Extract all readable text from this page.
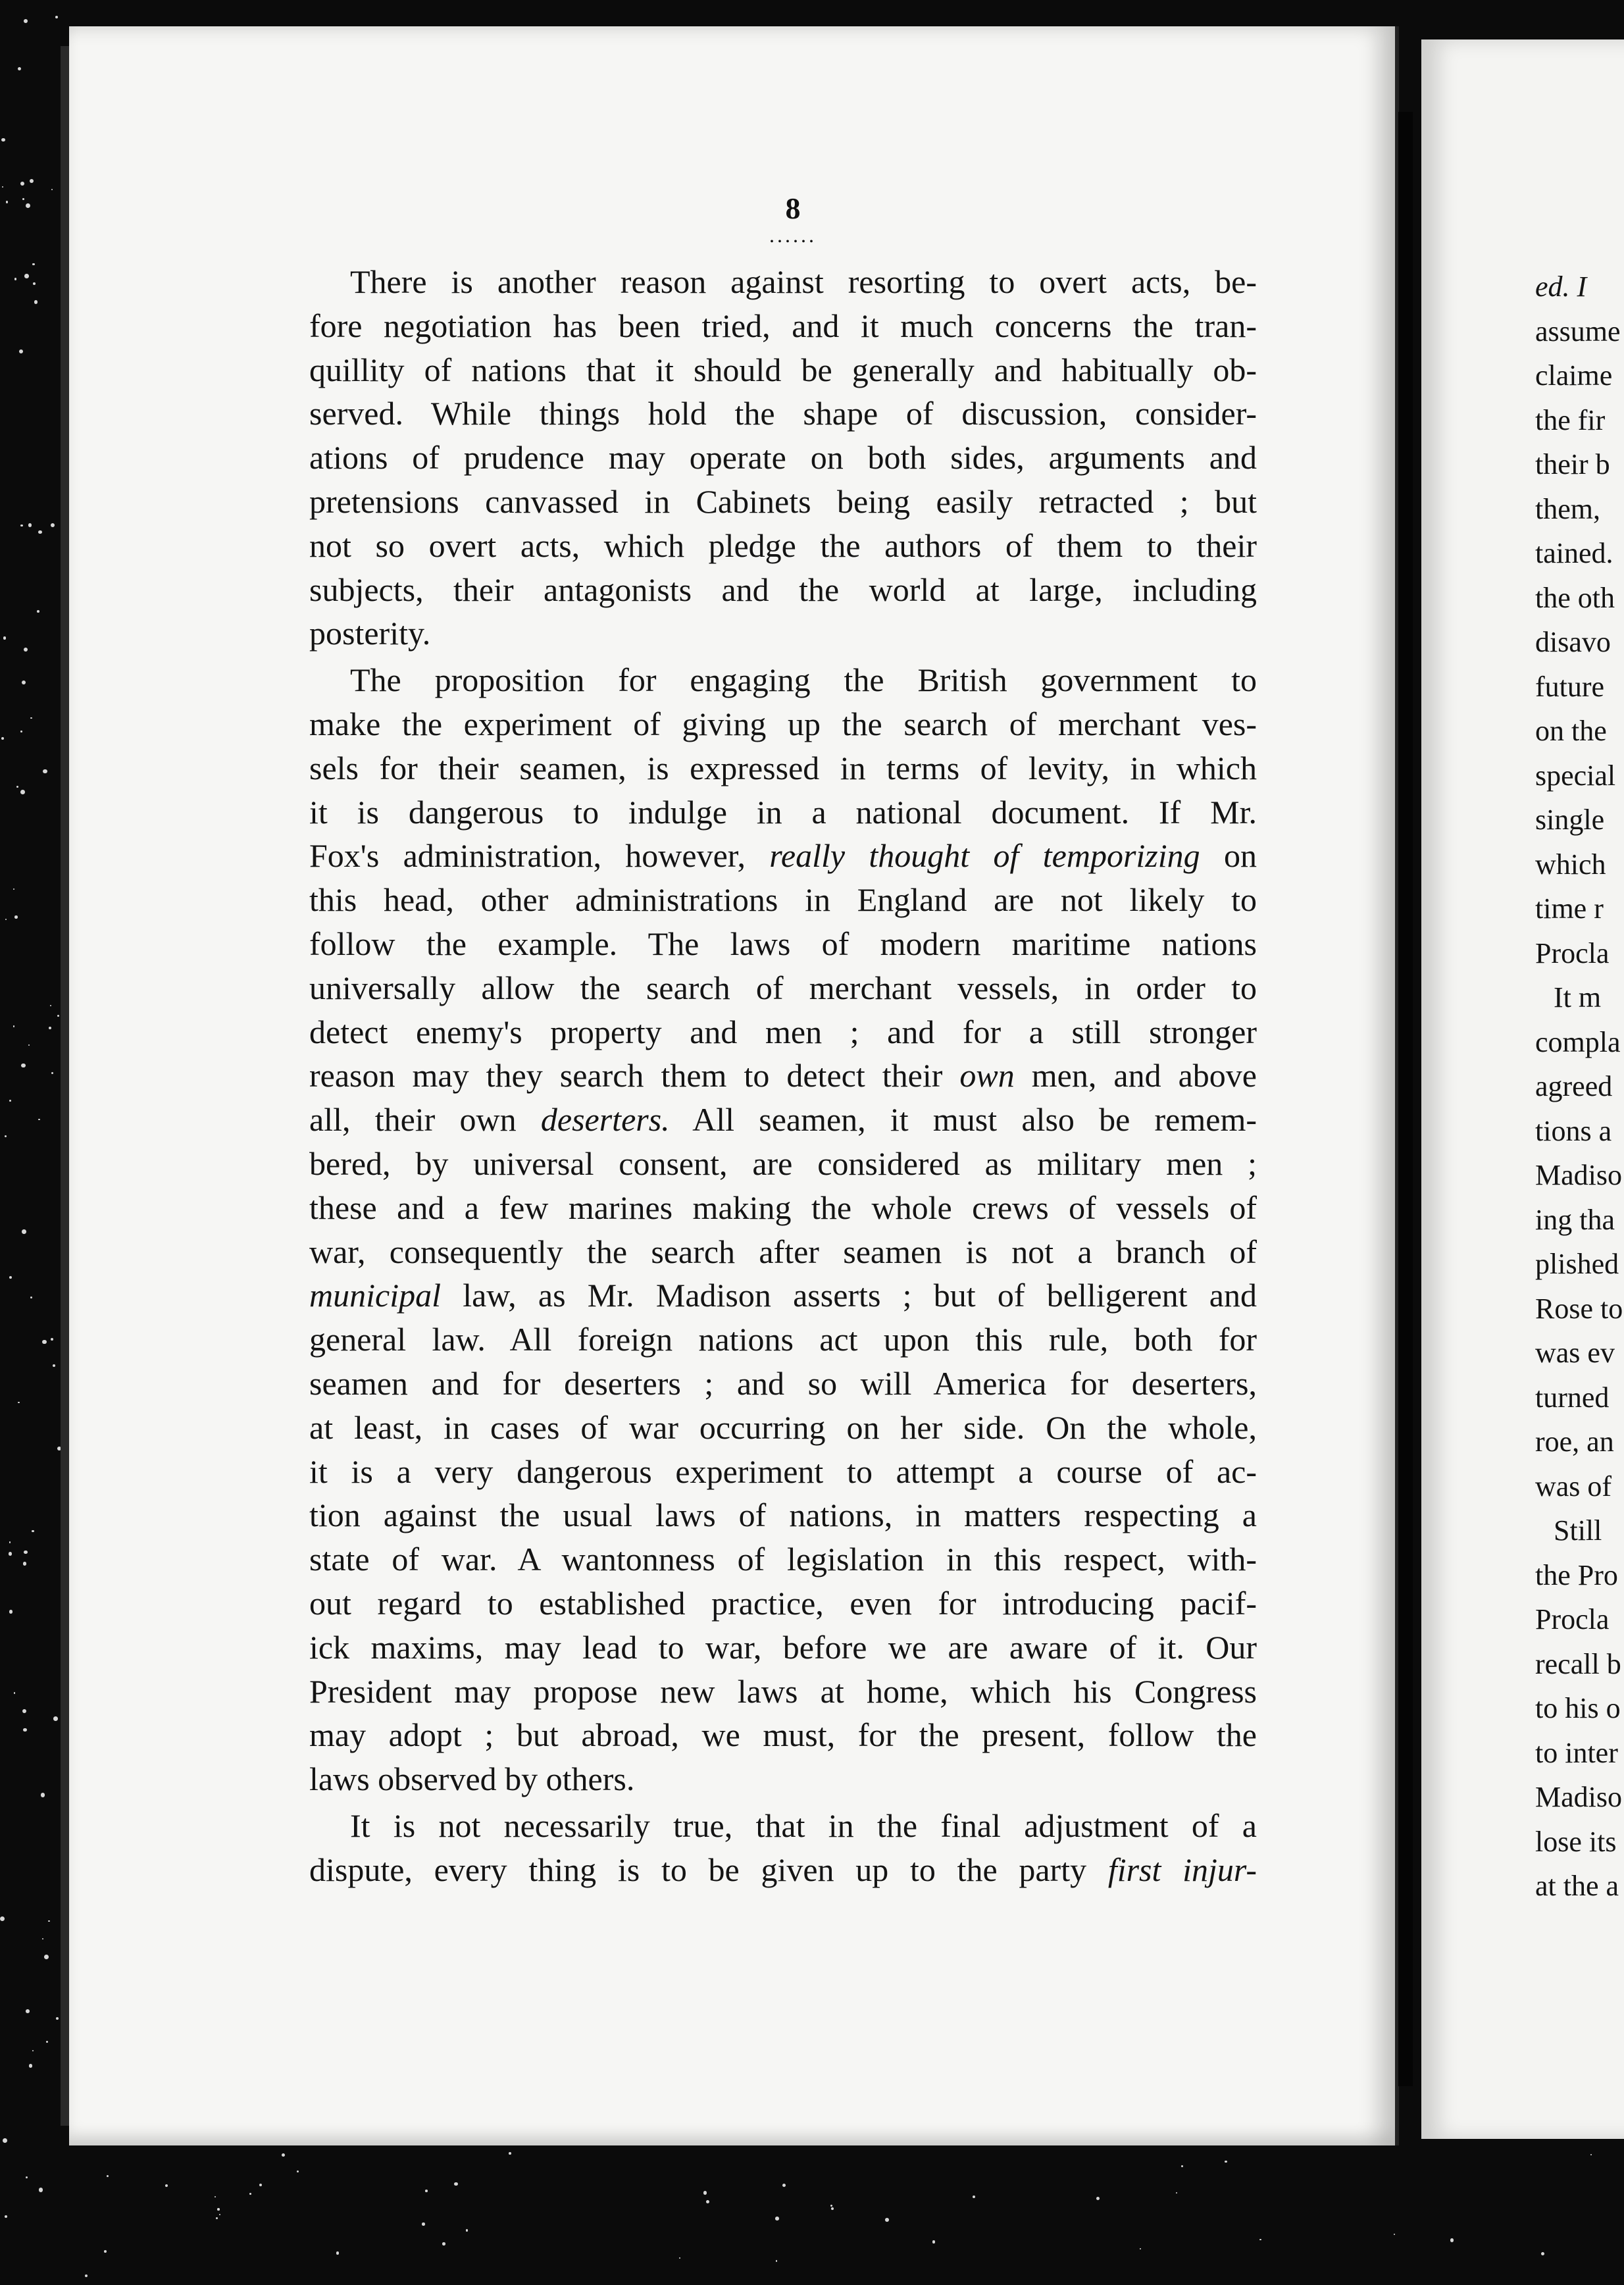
8
......
There is another reason against resorting to overt acts, be-
fore negotiation has been tried, and it much concerns the tran-
quillity of nations that it should be generally and habitually ob-
served. While things hold the shape of discussion, consider-
ations of prudence may operate on both sides, arguments and
pretensions canvassed in Cabinets being easily retracted ; but
not so overt acts, which pledge the authors of them to their
subjects, their antagonists and the world at large, including
posterity.
The proposition for engaging the British government to
make the experiment of giving up the search of merchant ves-
sels for their seamen, is expressed in terms of levity, in which
it is dangerous to indulge in a national document. If Mr.
Fox's administration, however, really thought of temporizing on
this head, other administrations in England are not likely to
follow the example. The laws of modern maritime nations
universally allow the search of merchant vessels, in order to
detect enemy's property and men ; and for a still stronger
reason may they search them to detect their own men, and above
all, their own deserters. All seamen, it must also be remem-
bered, by universal consent, are considered as military men ;
these and a few marines making the whole crews of vessels of
war, consequently the search after seamen is not a branch of
municipal law, as Mr. Madison asserts ; but of belligerent and
general law. All foreign nations act upon this rule, both for
seamen and for deserters ; and so will America for deserters,
at least, in cases of war occurring on her side. On the whole,
it is a very dangerous experiment to attempt a course of ac-
tion against the usual laws of nations, in matters respecting a
state of war. A wantonness of legislation in this respect, with-
out regard to established practice, even for introducing pacif-
ick maxims, may lead to war, before we are aware of it. Our
President may propose new laws at home, which his Congress
may adopt ; but abroad, we must, for the present, follow the
laws observed by others.
It is not necessarily true, that in the final adjustment of a
dispute, every thing is to be given up to the party first injur-
ed. I
assume
claime
the fir
their b
them,
tained.
the oth
disavo
future
on the
special
single
which
time r
Procla
It m
compla
agreed
tions a
Madiso
ing tha
plished
Rose to
was ev
turned
roe, an
was of
Still
the Pro
Procla
recall b
to his o
to inter
Madiso
lose its
at the a
